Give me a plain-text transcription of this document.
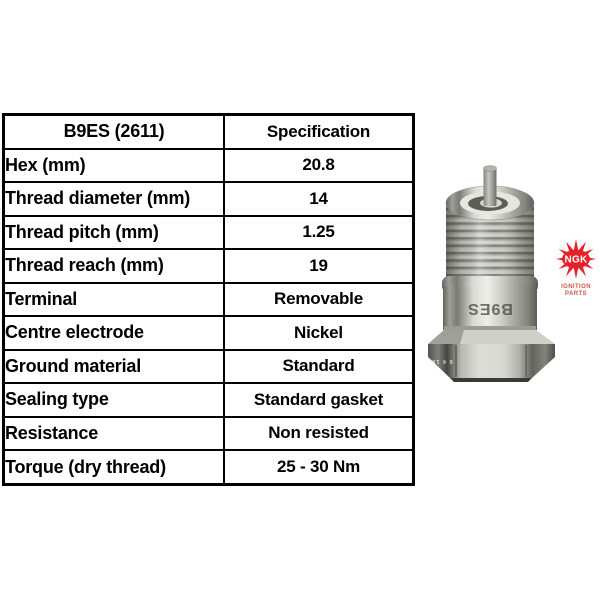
B9ES (2611)	Specification
Hex (mm)	20.8
Thread diameter (mm)	14
Thread pitch (mm)	1.25
Thread reach (mm)	19
Terminal	Removable
Centre electrode	Nickel
Ground material	Standard
Sealing type	Standard gasket
Resistance	Non resisted
Torque (dry thread)	25 - 30 Nm
B9ES
6 4 16
NGK
IGNITION
PARTS
